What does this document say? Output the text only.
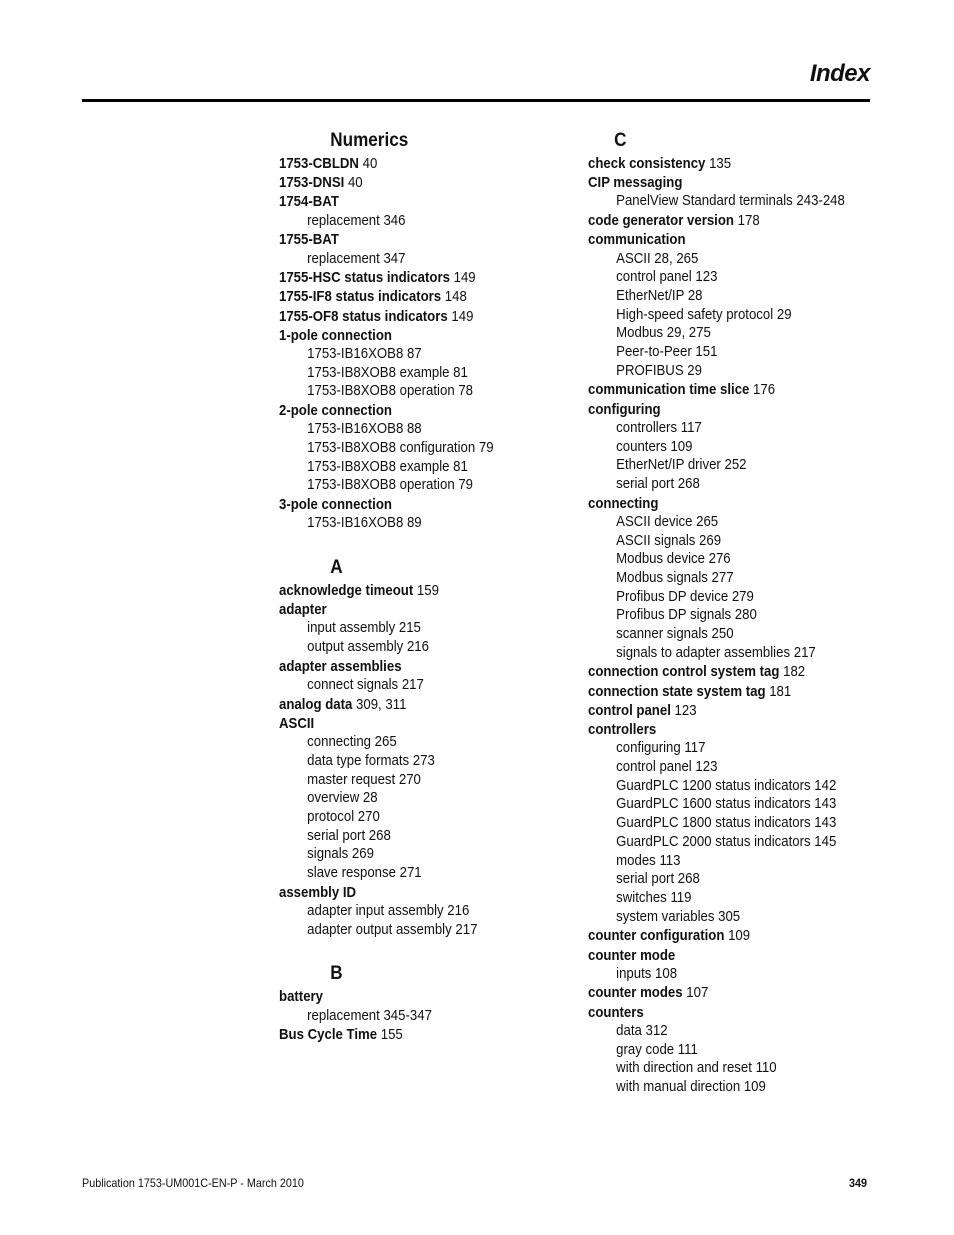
Index
Numerics
1753-CBLDN 40
1753-DNSI 40
1754-BAT
replacement 346
1755-BAT
replacement 347
1755-HSC status indicators 149
1755-IF8 status indicators 148
1755-OF8 status indicators 149
1-pole connection
1753-IB16XOB8 87
1753-IB8XOB8 example 81
1753-IB8XOB8 operation 78
2-pole connection
1753-IB16XOB8 88
1753-IB8XOB8 configuration 79
1753-IB8XOB8 example 81
1753-IB8XOB8 operation 79
3-pole connection
1753-IB16XOB8 89
A
acknowledge timeout 159
adapter
input assembly 215
output assembly 216
adapter assemblies
connect signals 217
analog data 309, 311
ASCII
connecting 265
data type formats 273
master request 270
overview 28
protocol 270
serial port 268
signals 269
slave response 271
assembly ID
adapter input assembly 216
adapter output assembly 217
B
battery
replacement 345-347
Bus Cycle Time 155
C
check consistency 135
CIP messaging
PanelView Standard terminals 243-248
code generator version 178
communication
ASCII 28, 265
control panel 123
EtherNet/IP 28
High-speed safety protocol 29
Modbus 29, 275
Peer-to-Peer 151
PROFIBUS 29
communication time slice 176
configuring
controllers 117
counters 109
EtherNet/IP driver 252
serial port 268
connecting
ASCII device 265
ASCII signals 269
Modbus device 276
Modbus signals 277
Profibus DP device 279
Profibus DP signals 280
scanner signals 250
signals to adapter assemblies 217
connection control system tag 182
connection state system tag 181
control panel 123
controllers
configuring 117
control panel 123
GuardPLC 1200 status indicators 142
GuardPLC 1600 status indicators 143
GuardPLC 1800 status indicators 143
GuardPLC 2000 status indicators 145
modes 113
serial port 268
switches 119
system variables 305
counter configuration 109
counter mode
inputs 108
counter modes 107
counters
data 312
gray code 111
with direction and reset 110
with manual direction 109
Publication 1753-UM001C-EN-P - March 2010	349
